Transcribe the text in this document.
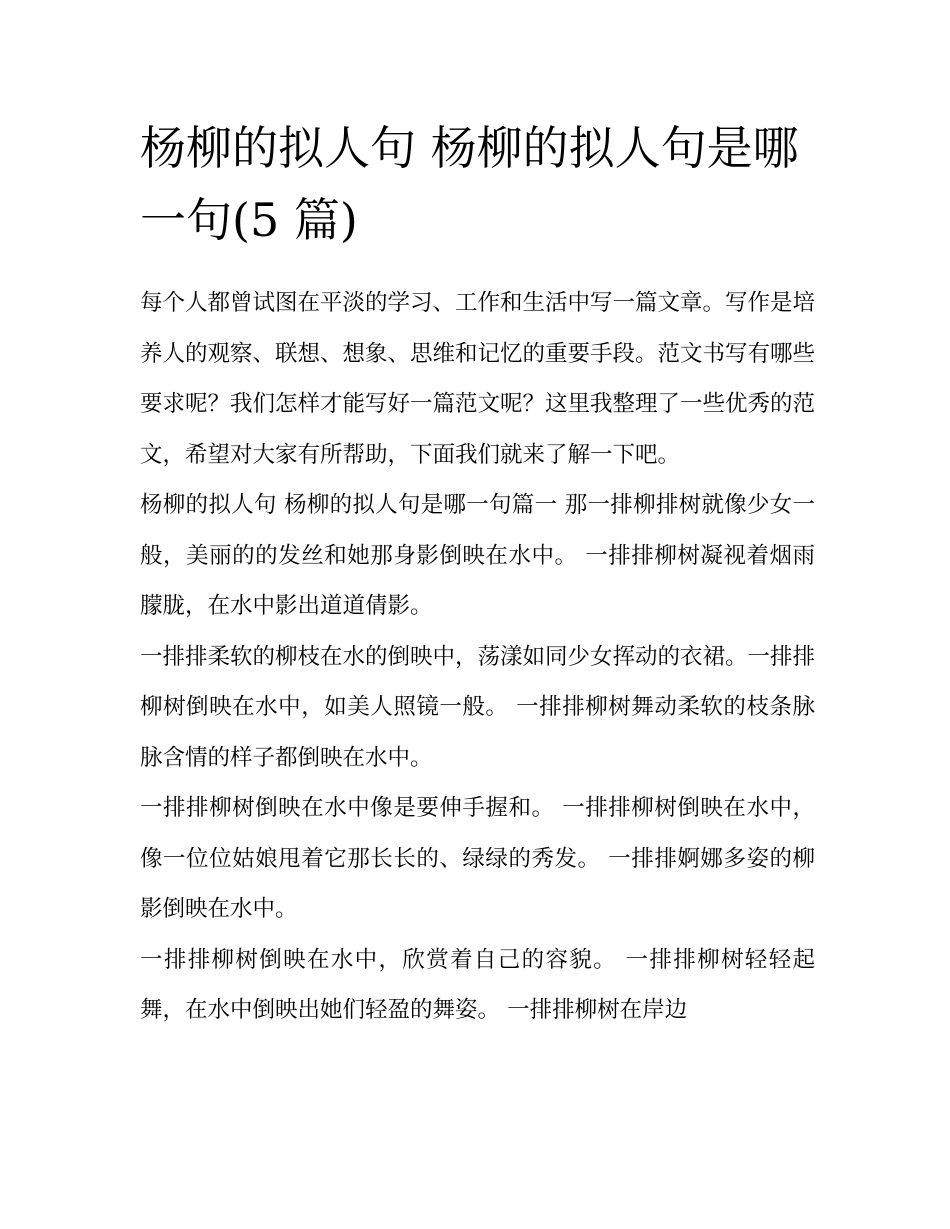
杨柳的拟人句 杨柳的拟人句是哪一句(5 篇)

每个人都曾试图在平淡的学习、工作和生活中写一篇文章。写作是培养人的观察、联想、想象、思维和记忆的重要手段。范文书写有哪些要求呢？我们怎样才能写好一篇范文呢？这里我整理了一些优秀的范文，希望对大家有所帮助，下面我们就来了解一下吧。

杨柳的拟人句 杨柳的拟人句是哪一句篇一 那一排柳排树就像少女一般，美丽的的发丝和她那身影倒映在水中。 一排排柳树凝视着烟雨朦胧，在水中影出道道倩影。

一排排柔软的柳枝在水的倒映中，荡漾如同少女挥动的衣裙。一排排柳树倒映在水中，如美人照镜一般。 一排排柳树舞动柔软的枝条脉脉含情的样子都倒映在水中。

一排排柳树倒映在水中像是要伸手握和。 一排排柳树倒映在水中，像一位位姑娘甩着它那长长的、绿绿的秀发。 一排排婀娜多姿的柳影倒映在水中。

一排排柳树倒映在水中，欣赏着自己的容貌。 一排排柳树轻轻起舞，在水中倒映出她们轻盈的舞姿。 一排排柳树在岸边
